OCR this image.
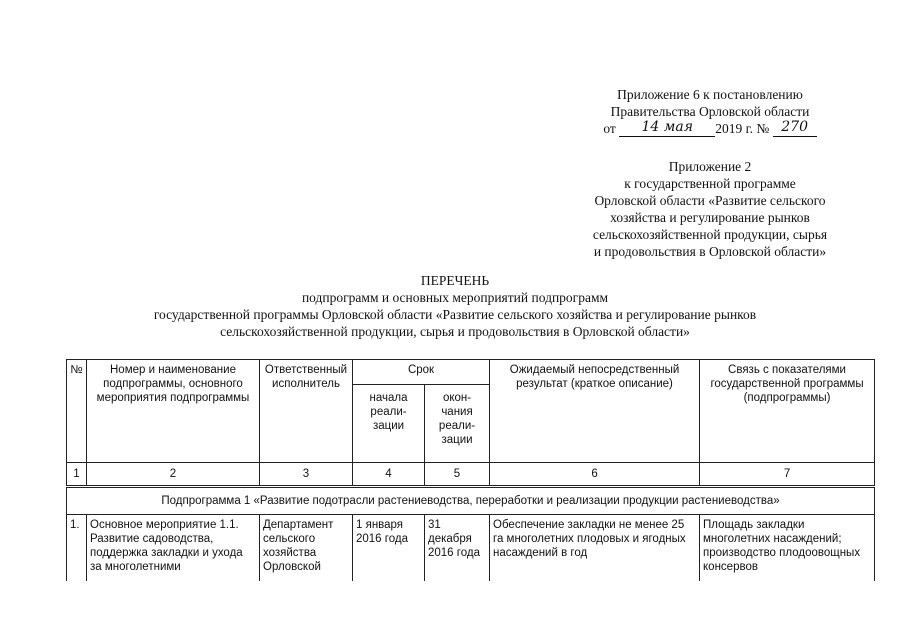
Приложение 6 к постановлению
Правительства Орловской области
от	14 мая	2019 г. № 270
Приложение 2
к государственной программе
Орловской области «Развитие сельского
хозяйства и регулирование рынков
сельскохозяйственной продукции, сырья
и продовольствия в Орловской области»
ПЕРЕЧЕНЬ
подпрограмм и основных мероприятий подпрограмм
государственной программы Орловской области «Развитие сельского хозяйства и регулирование рынков
сельскохозяйственной продукции, сырья и продовольствия в Орловской области»
№	Номер и наименование подпрограммы, основного мероприятия подпрограммы	Ответственный исполнитель	Срок		Ожидаемый непосредственный результат (краткое описание)	Связь с показателями государственной программы (подпрограммы)
			начала реали-зации	окон-чания реали-зации		
1	2	3	4	5	6	7
Подпрограмма 1 «Развитие подотрасли растениеводства, переработки и реализации продукции растениеводства»						
1.	Основное мероприятие 1.1. Развитие садоводства, поддержка закладки и ухода за многолетними	Департамент сельского хозяйства Орловской	1 января 2016 года	31 декабря 2016 года	Обеспечение закладки не менее 25 га многолетних плодовых и ягодных насаждений в год	Площадь закладки многолетних насаждений; производство плодоовощных консервов
